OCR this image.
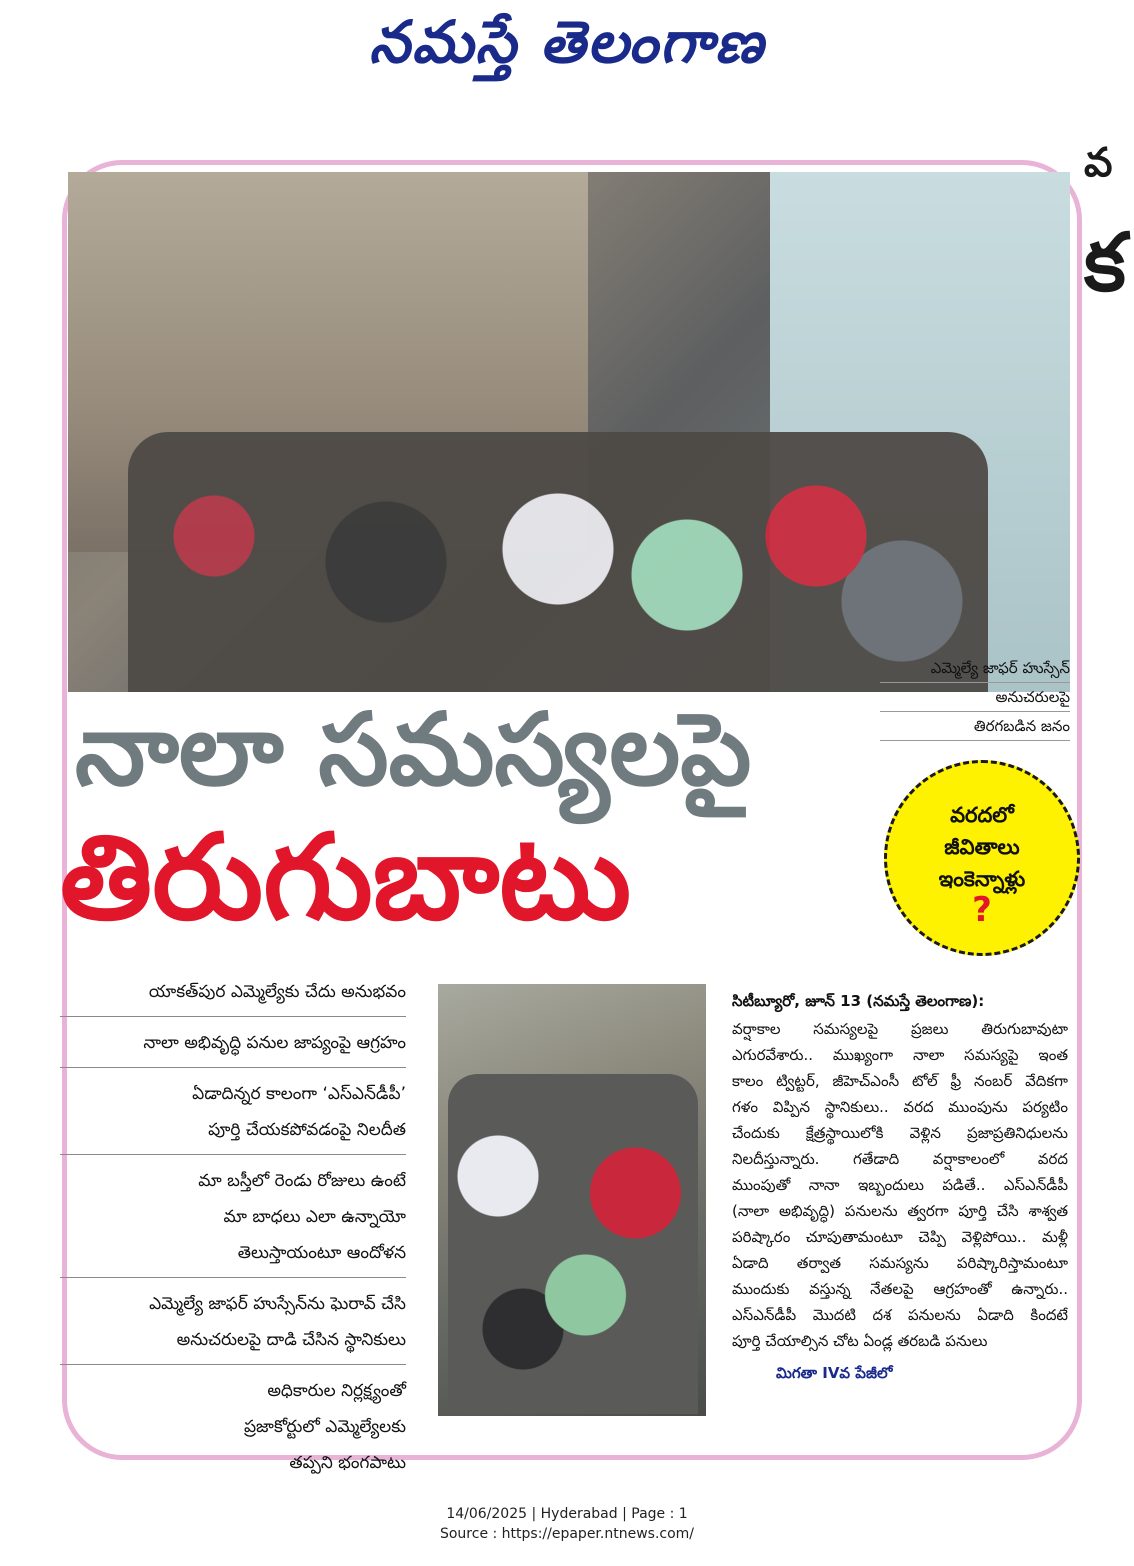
నమస్తే తెలంగాణ
వ
క
ఎమ్మెల్యే జాఫర్ హుస్సేన్
అనుచరులపై
తిరగబడిన జనం
నాలా సమస్యలపై
తిరుగుబాటు	వరదలో
జీవితాలు
ఇంకెన్నాళ్లు
?
యాకత్‌పుర ఎమ్మెల్యేకు చేదు అనుభవం
నాలా అభివృద్ధి పనుల జాప్యంపై ఆగ్రహం
ఏడాదిన్నర కాలంగా ‘ఎస్‌ఎన్‌డీపీ’
పూర్తి చేయకపోవడంపై నిలదీత
మా బస్తీలో రెండు రోజులు ఉంటే
మా బాధలు ఎలా ఉన్నాయో
తెలుస్తాయంటూ ఆందోళన
ఎమ్మెల్యే జాఫర్ హుస్సేన్‌ను ఘెరావ్ చేసి
అనుచరులపై దాడి చేసిన స్థానికులు
అధికారుల నిర్లక్ష్యంతో
ప్రజాకోర్టులో ఎమ్మెల్యేలకు
తప్పని భంగపాటు
సిటీబ్యూరో, జూన్ 13 (నమస్తే తెలంగాణ):
వర్షాకాల సమస్యలపై ప్రజలు తిరుగుబావుటా
ఎగురవేశారు.. ముఖ్యంగా నాలా సమస్యపై ఇంత
కాలం ట్విట్టర్, జీహెచ్‌ఎంసీ టోల్ ఫ్రీ నంబర్ వేదికగా
గళం విప్పిన స్థానికులు.. వరద ముంపును పర్యటిం
చేందుకు క్షేత్రస్థాయిలోకి వెళ్లిన ప్రజాప్రతినిధులను
నిలదీస్తున్నారు. గతేడాది వర్షాకాలంలో వరద
ముంపుతో నానా ఇబ్బందులు పడితే.. ఎస్‌ఎన్‌డీపీ
(నాలా అభివృద్ధి) పనులను త్వరగా పూర్తి చేసి శాశ్వత
పరిష్కారం చూపుతామంటూ చెప్పి వెళ్లిపోయి.. మళ్లీ
ఏడాది తర్వాత సమస్యను పరిష్కారిస్తామంటూ
ముందుకు వస్తున్న నేతలపై ఆగ్రహంతో ఉన్నారు..
ఎస్‌ఎన్‌డీపీ మొదటి దశ పనులను ఏడాది కిందటే
పూర్తి చేయాల్సిన చోట ఏండ్ల తరబడి పనులు
మిగతా IVవ పేజీలో
14/06/2025 | Hyderabad | Page : 1
Source : https://epaper.ntnews.com/
